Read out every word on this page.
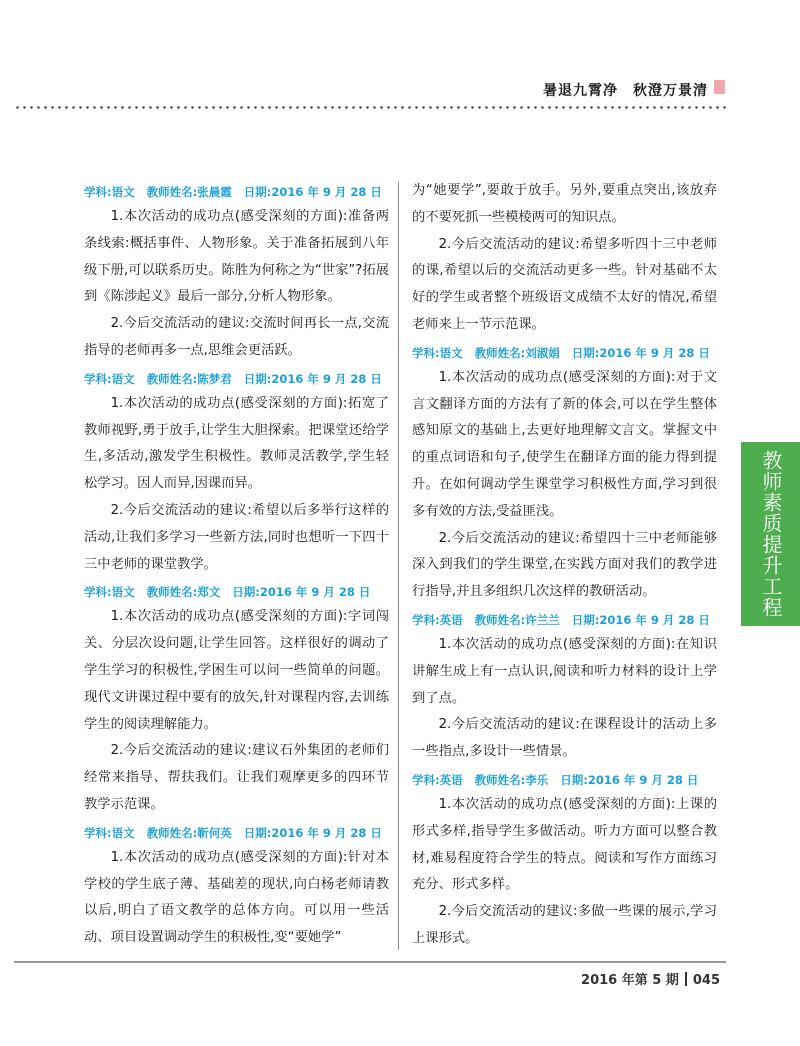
暑退九霄净　秋澄万景清
学科:语文 教师姓名:张晨霞 日期:2016 年 9 月 28 日

1.本次活动的成功点(感受深刻的方面):准备两条线索:概括事件、人物形象。关于准备拓展到八年级下册,可以联系历史。陈胜为何称之为“世家”?拓展到《陈涉起义》最后一部分,分析人物形象。

2.今后交流活动的建议:交流时间再长一点,交流指导的老师再多一点,思维会更活跃。

学科:语文 教师姓名:陈梦君 日期:2016 年 9 月 28 日

1.本次活动的成功点(感受深刻的方面):拓宽了教师视野,勇于放手,让学生大胆探索。把课堂还给学生,多活动,激发学生积极性。教师灵活教学,学生轻松学习。因人而异,因课而异。

2.今后交流活动的建议:希望以后多举行这样的活动,让我们多学习一些新方法,同时也想听一下四十三中老师的课堂教学。

学科:语文 教师姓名:郑文 日期:2016 年 9 月 28 日

1.本次活动的成功点(感受深刻的方面):字词闯关、分层次设问题,让学生回答。这样很好的调动了学生学习的积极性,学困生可以问一些简单的问题。现代文讲课过程中要有的放矢,针对课程内容,去训练学生的阅读理解能力。

2.今后交流活动的建议:建议石外集团的老师们经常来指导、帮扶我们。让我们观摩更多的四环节教学示范课。

学科:语文 教师姓名:靳何英 日期:2016 年 9 月 28 日

1.本次活动的成功点(感受深刻的方面):针对本学校的学生底子薄、基础差的现状,向白杨老师请教以后,明白了语文教学的总体方向。可以用一些活动、项目设置调动学生的积极性,变“要她学”

为“她要学”,要敢于放手。另外,要重点突出,该放弃的不要死抓一些模棱两可的知识点。

2.今后交流活动的建议:希望多听四十三中老师的课,希望以后的交流活动更多一些。针对基础不太好的学生或者整个班级语文成绩不太好的情况,希望老师来上一节示范课。

学科:语文 教师姓名:刘淑娟 日期:2016 年 9 月 28 日

1.本次活动的成功点(感受深刻的方面):对于文言文翻译方面的方法有了新的体会,可以在学生整体感知原文的基础上,去更好地理解文言文。掌握文中的重点词语和句子,使学生在翻译方面的能力得到提升。在如何调动学生课堂学习积极性方面,学习到很多有效的方法,受益匪浅。

2.今后交流活动的建议:希望四十三中老师能够深入到我们的学生课堂,在实践方面对我们的教学进行指导,并且多组织几次这样的教研活动。

学科:英语 教师姓名:许兰兰 日期:2016 年 9 月 28 日

1.本次活动的成功点(感受深刻的方面):在知识讲解生成上有一点认识,阅读和听力材料的设计上学到了点。

2.今后交流活动的建议:在课程设计的活动上多一些指点,多设计一些情景。

学科:英语 教师姓名:李乐 日期:2016 年 9 月 28 日

1.本次活动的成功点(感受深刻的方面):上课的形式多样,指导学生多做活动。听力方面可以整合教材,难易程度符合学生的特点。阅读和写作方面练习充分、形式多样。

2.今后交流活动的建议:多做一些课的展示,学习上课形式。

教师素质提升工程
2016 年第 5 期 045
